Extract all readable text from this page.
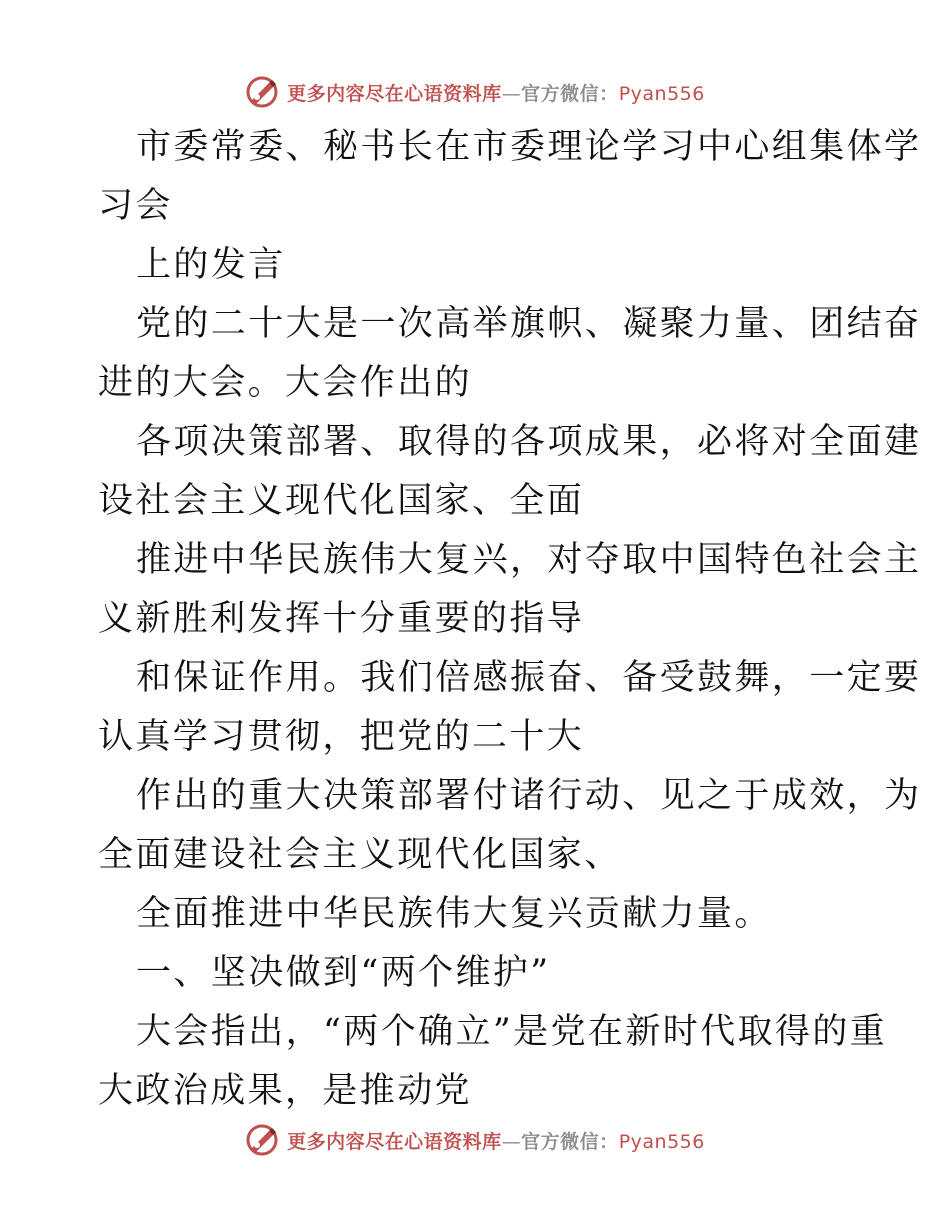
更多内容尽在心语资料库—官方微信：Pyan556
市委常委、秘书长在市委理论学习中心组集体学
习会
上的发言
党的二十大是一次高举旗帜、凝聚力量、团结奋
进的大会。大会作出的
各项决策部署、取得的各项成果，必将对全面建
设社会主义现代化国家、全面
推进中华民族伟大复兴，对夺取中国特色社会主
义新胜利发挥十分重要的指导
和保证作用。我们倍感振奋、备受鼓舞，一定要
认真学习贯彻，把党的二十大
作出的重大决策部署付诸行动、见之于成效，为
全面建设社会主义现代化国家、
全面推进中华民族伟大复兴贡献力量。
一、坚决做到“两个维护”
大会指出，“两个确立”是党在新时代取得的重
大政治成果，是推动党
更多内容尽在心语资料库—官方微信：Pyan556
